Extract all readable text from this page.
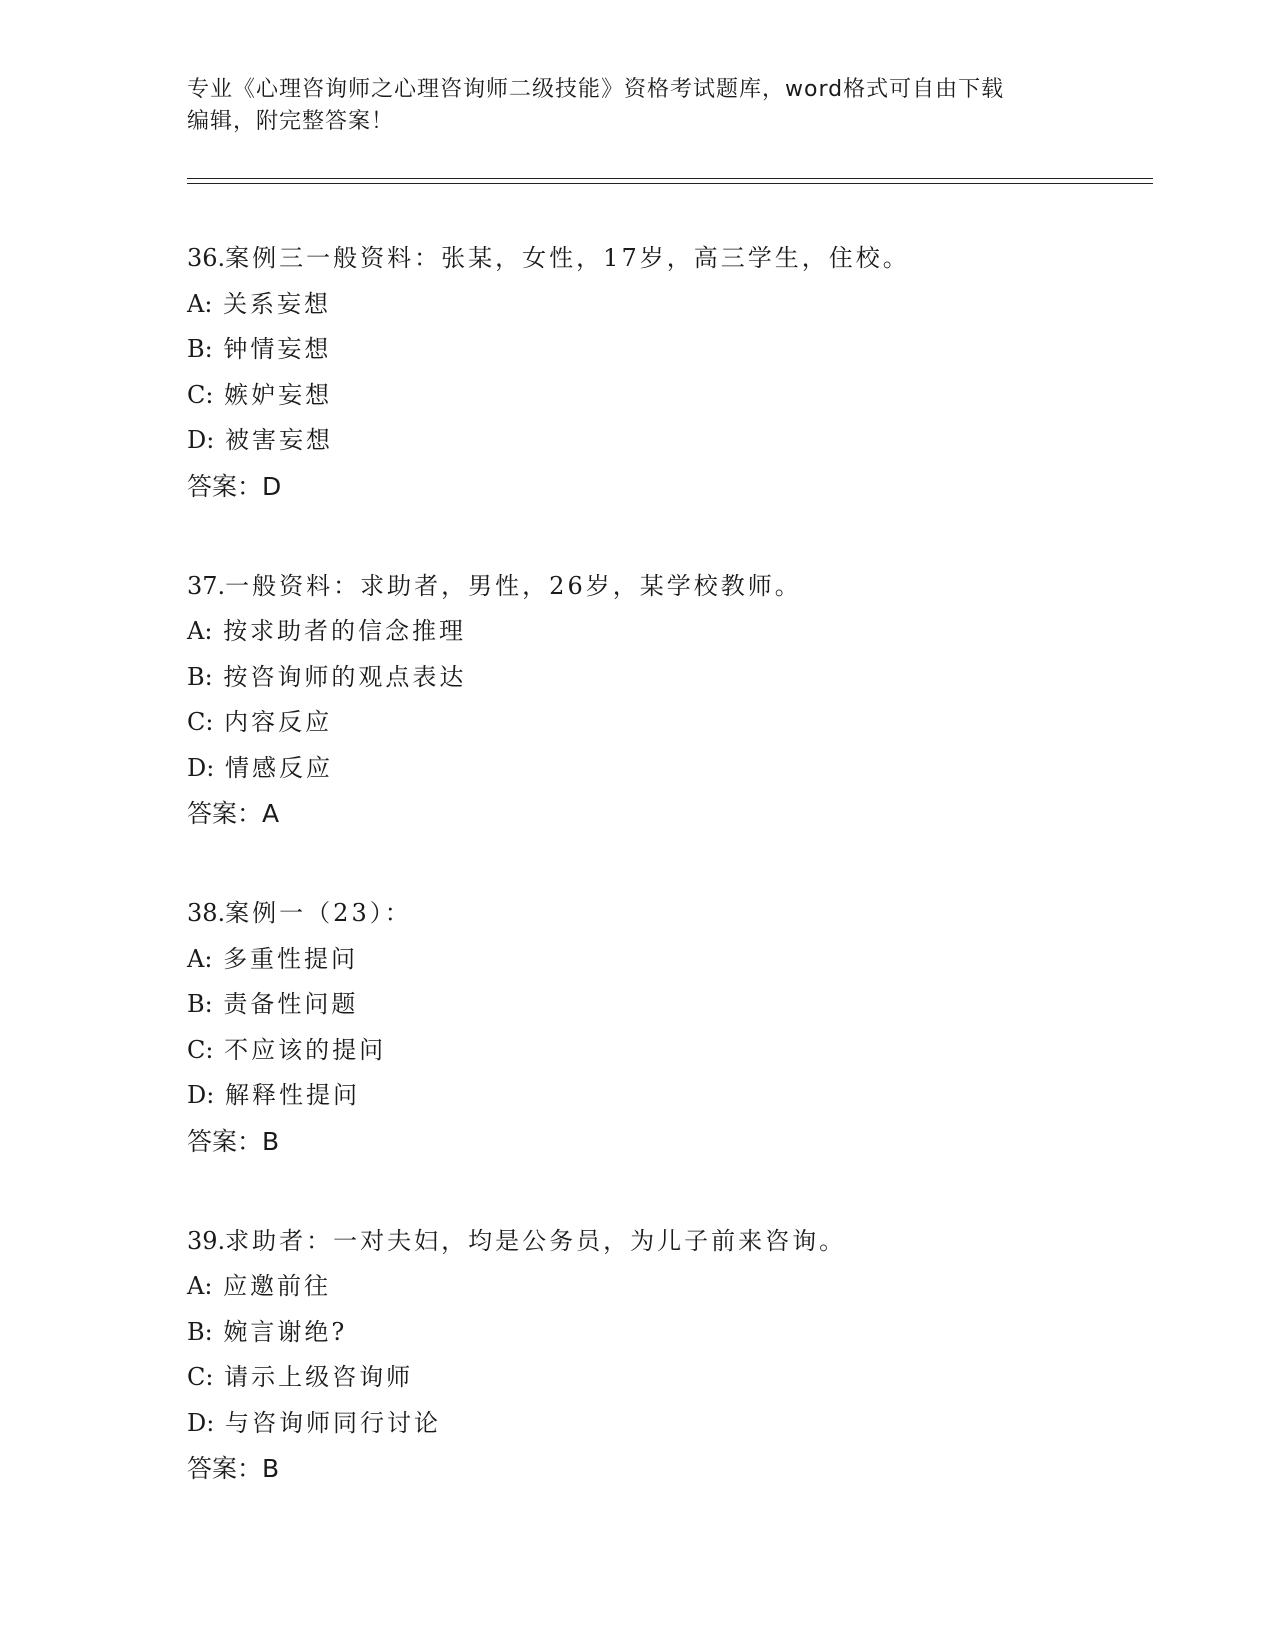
专业《心理咨询师之心理咨询师二级技能》资格考试题库，word格式可自由下载
编辑，附完整答案！
36.案例三一般资料：张某，女性，17岁，高三学生，住校。
A: 关系妄想
B: 钟情妄想
C: 嫉妒妄想
D: 被害妄想
答案：D
37.一般资料：求助者，男性，26岁，某学校教师。
A: 按求助者的信念推理
B: 按咨询师的观点表达
C: 内容反应
D: 情感反应
答案：A
38.案例一（23）：
A: 多重性提问
B: 责备性问题
C: 不应该的提问
D: 解释性提问
答案：B
39.求助者：一对夫妇，均是公务员，为儿子前来咨询。
A: 应邀前往
B: 婉言谢绝?
C: 请示上级咨询师
D: 与咨询师同行讨论
答案：B
